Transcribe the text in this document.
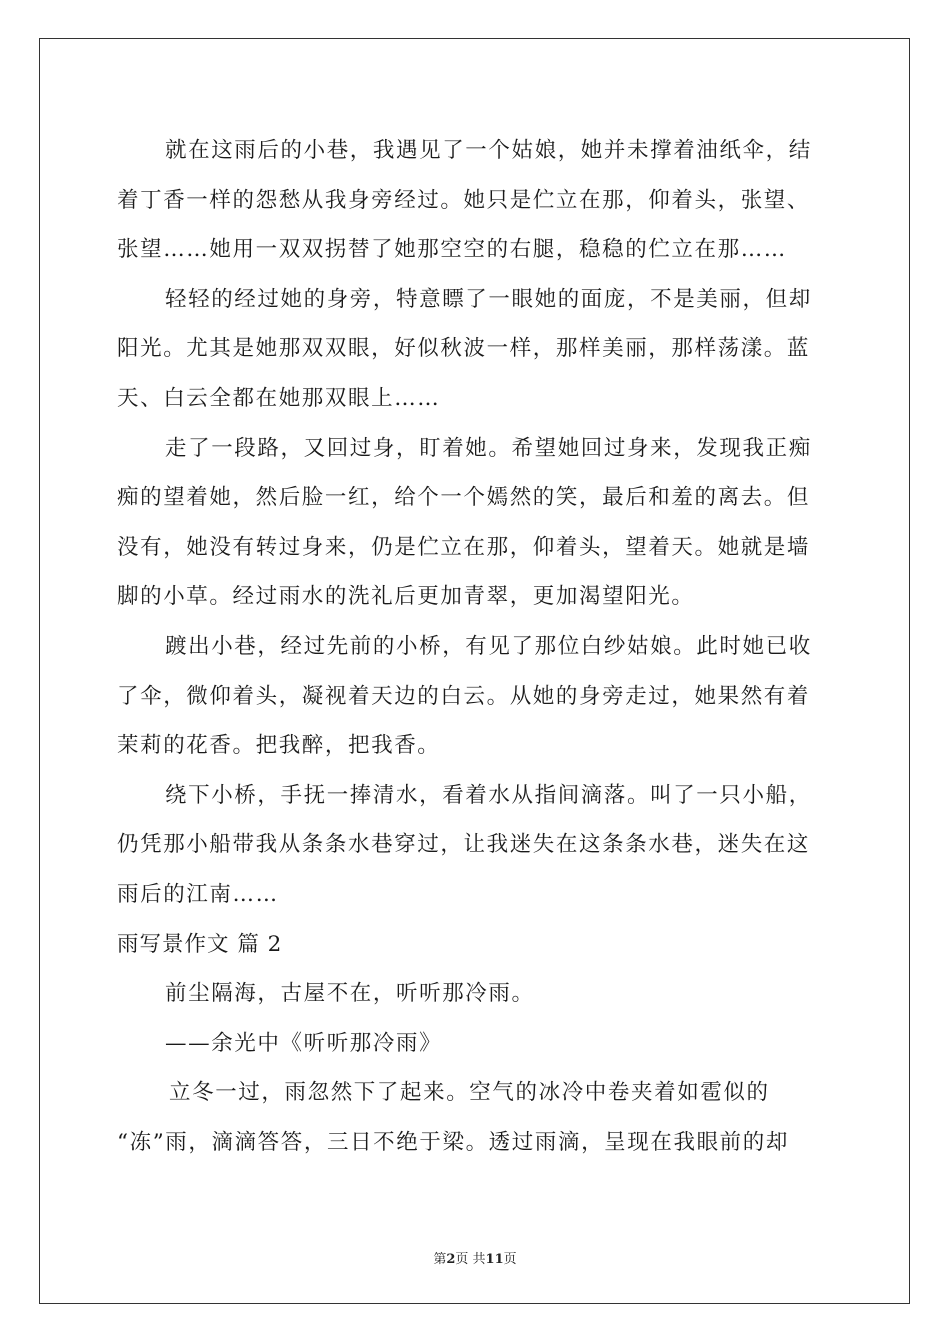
就在这雨后的小巷，我遇见了一个姑娘，她并未撑着油纸伞，结
着丁香一样的怨愁从我身旁经过。她只是伫立在那，仰着头，张望、
张望……她用一双双拐替了她那空空的右腿，稳稳的伫立在那……
轻轻的经过她的身旁，特意瞟了一眼她的面庞，不是美丽，但却
阳光。尤其是她那双双眼，好似秋波一样，那样美丽，那样荡漾。蓝
天、白云全都在她那双眼上……
走了一段路，又回过身，盯着她。希望她回过身来，发现我正痴
痴的望着她，然后脸一红，给个一个嫣然的笑，最后和羞的离去。但
没有，她没有转过身来，仍是伫立在那，仰着头，望着天。她就是墙
脚的小草。经过雨水的洗礼后更加青翠，更加渴望阳光。
踱出小巷，经过先前的小桥，有见了那位白纱姑娘。此时她已收
了伞，微仰着头，凝视着天边的白云。从她的身旁走过，她果然有着
茉莉的花香。把我醉，把我香。
绕下小桥，手抚一捧清水，看着水从指间滴落。叫了一只小船，
仍凭那小船带我从条条水巷穿过，让我迷失在这条条水巷，迷失在这
雨后的江南……
雨写景作文 篇 2
前尘隔海，古屋不在，听听那冷雨。
——余光中《听听那冷雨》
立冬一过，雨忽然下了起来。空气的冰冷中卷夹着如雹似的
“冻”雨，滴滴答答，三日不绝于梁。透过雨滴，呈现在我眼前的却
第2页 共11页
